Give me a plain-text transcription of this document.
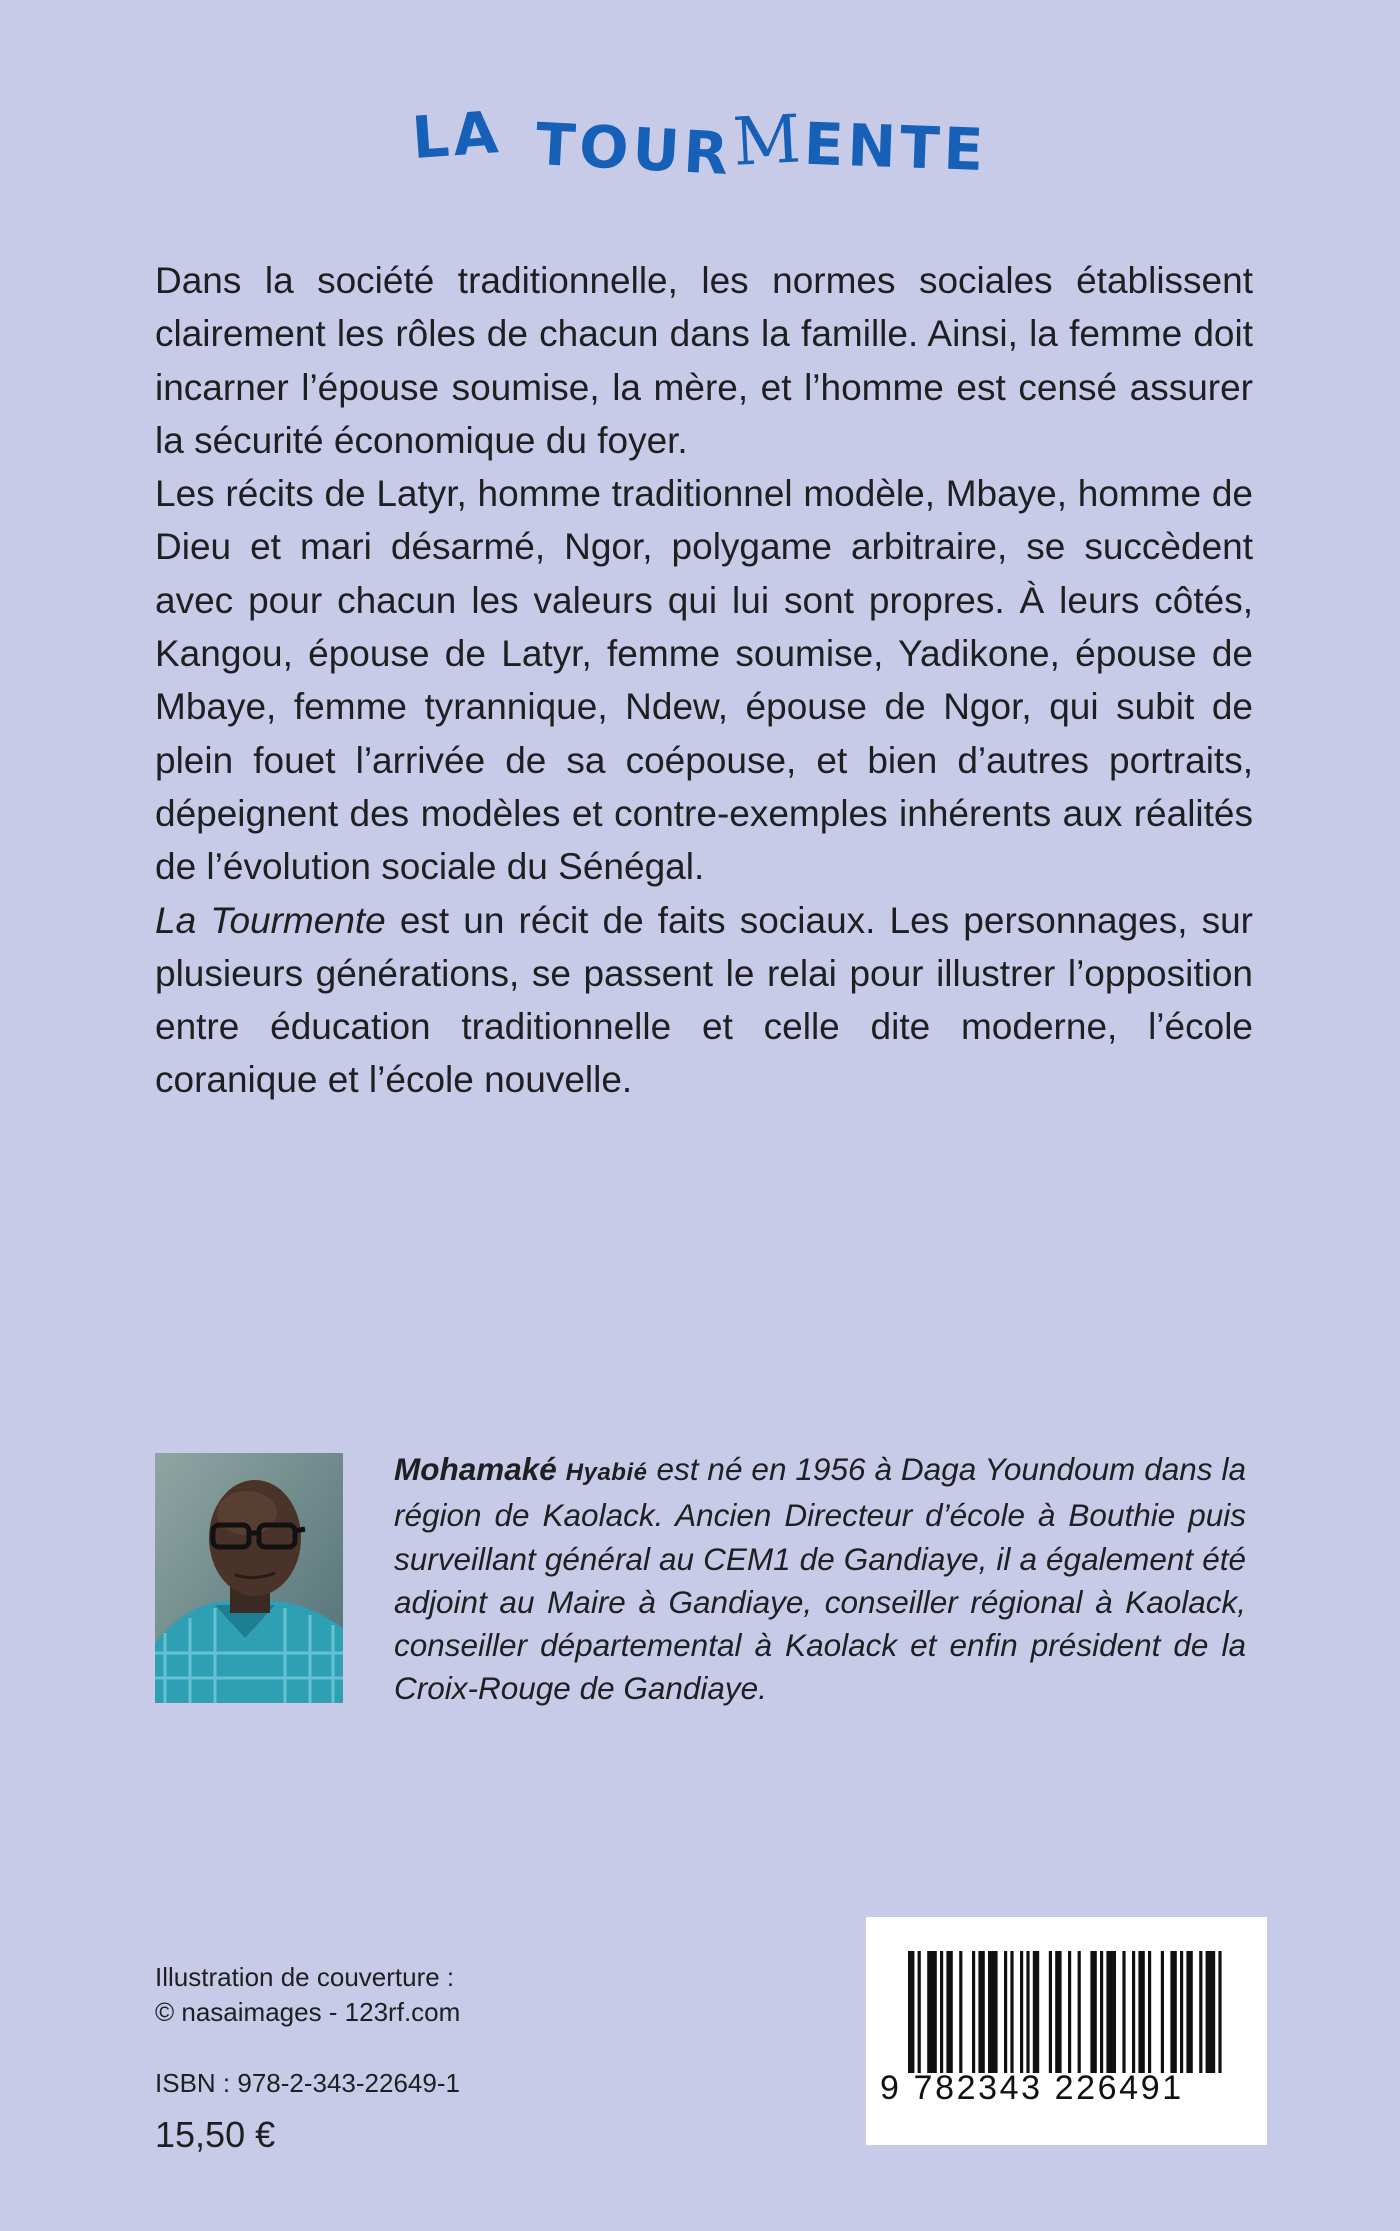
LA TOURMENTE

Dans la société traditionnelle, les normes sociales établissent clairement les rôles de chacun dans la famille. Ainsi, la femme doit incarner l’épouse soumise, la mère, et l’homme est censé assurer la sécurité économique du foyer.

Les récits de Latyr, homme traditionnel modèle, Mbaye, homme de Dieu et mari désarmé, Ngor, polygame arbitraire, se succèdent avec pour chacun les valeurs qui lui sont propres. À leurs côtés, Kangou, épouse de Latyr, femme soumise, Yadikone, épouse de Mbaye, femme tyrannique, Ndew, épouse de Ngor, qui subit de plein fouet l’arrivée de sa coépouse, et bien d’autres portraits, dépeignent des modèles et contre-exemples inhérents aux réalités de l’évolution sociale du Sénégal.

La Tourmente est un récit de faits sociaux. Les personnages, sur plusieurs générations, se passent le relai pour illustrer l’opposition entre éducation traditionnelle et celle dite moderne, l’école coranique et l’école nouvelle.

Mohamaké Hyabié est né en 1956 à Daga Youndoum dans la région de Kaolack. Ancien Directeur d’école à Bouthie puis surveillant général au CEM1 de Gandiaye, il a également été adjoint au Maire à Gandiaye, conseiller régional à Kaolack, conseiller départemental à Kaolack et enfin président de la Croix-Rouge de Gandiaye.
Illustration de couverture :
© nasaimages - 123rf.com
ISBN : 978-2-343-22649-1
15,50 €
9 782343 226491
